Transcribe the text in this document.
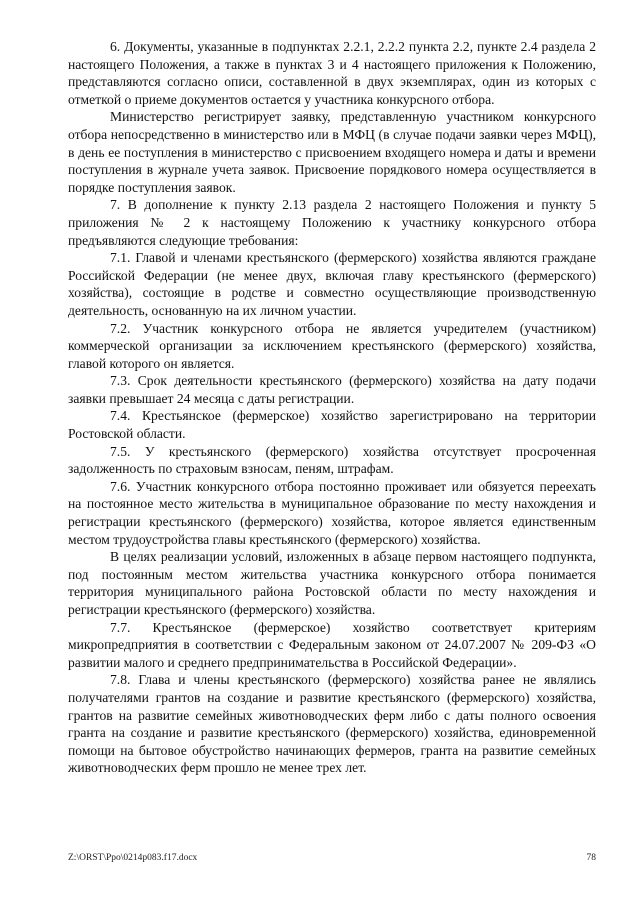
6. Документы, указанные в подпунктах 2.2.1, 2.2.2 пункта 2.2, пункте 2.4 раздела 2 настоящего Положения, а также в пунктах 3 и 4 настоящего приложения к Положению, представляются согласно описи, составленной в двух экземплярах, один из которых с отметкой о приеме документов остается у участника конкурсного отбора.

Министерство регистрирует заявку, представленную участником конкурсного отбора непосредственно в министерство или в МФЦ (в случае подачи заявки через МФЦ), в день ее поступления в министерство с присвоением входящего номера и даты и времени поступления в журнале учета заявок. Присвоение порядкового номера осуществляется в порядке поступления заявок.

7. В дополнение к пункту 2.13 раздела 2 настоящего Положения и пункту 5 приложения № 2 к настоящему Положению к участнику конкурсного отбора предъявляются следующие требования:

7.1. Главой и членами крестьянского (фермерского) хозяйства являются граждане Российской Федерации (не менее двух, включая главу крестьянского (фермерского) хозяйства), состоящие в родстве и совместно осуществляющие производственную деятельность, основанную на их личном участии.

7.2. Участник конкурсного отбора не является учредителем (участником) коммерческой организации за исключением крестьянского (фермерского) хозяйства, главой которого он является.

7.3. Срок деятельности крестьянского (фермерского) хозяйства на дату подачи заявки превышает 24 месяца с даты регистрации.

7.4. Крестьянское (фермерское) хозяйство зарегистрировано на территории Ростовской области.

7.5. У крестьянского (фермерского) хозяйства отсутствует просроченная задолженность по страховым взносам, пеням, штрафам.

7.6. Участник конкурсного отбора постоянно проживает или обязуется переехать на постоянное место жительства в муниципальное образование по месту нахождения и регистрации крестьянского (фермерского) хозяйства, которое является единственным местом трудоустройства главы крестьянского (фермерского) хозяйства.

В целях реализации условий, изложенных в абзаце первом настоящего подпункта, под постоянным местом жительства участника конкурсного отбора понимается территория муниципального района Ростовской области по месту нахождения и регистрации крестьянского (фермерского) хозяйства.

7.7. Крестьянское (фермерское) хозяйство соответствует критериям микропредприятия в соответствии с Федеральным законом от 24.07.2007 № 209-ФЗ «О развитии малого и среднего предпринимательства в Российской Федерации».

7.8. Глава и члены крестьянского (фермерского) хозяйства ранее не являлись получателями грантов на создание и развитие крестьянского (фермерского) хозяйства, грантов на развитие семейных животноводческих ферм либо с даты полного освоения гранта на создание и развитие крестьянского (фермерского) хозяйства, единовременной помощи на бытовое обустройство начинающих фермеров, гранта на развитие семейных животноводческих ферм прошло не менее трех лет.

Z:\ORST\Ppo\0214p083.f17.docx	78
